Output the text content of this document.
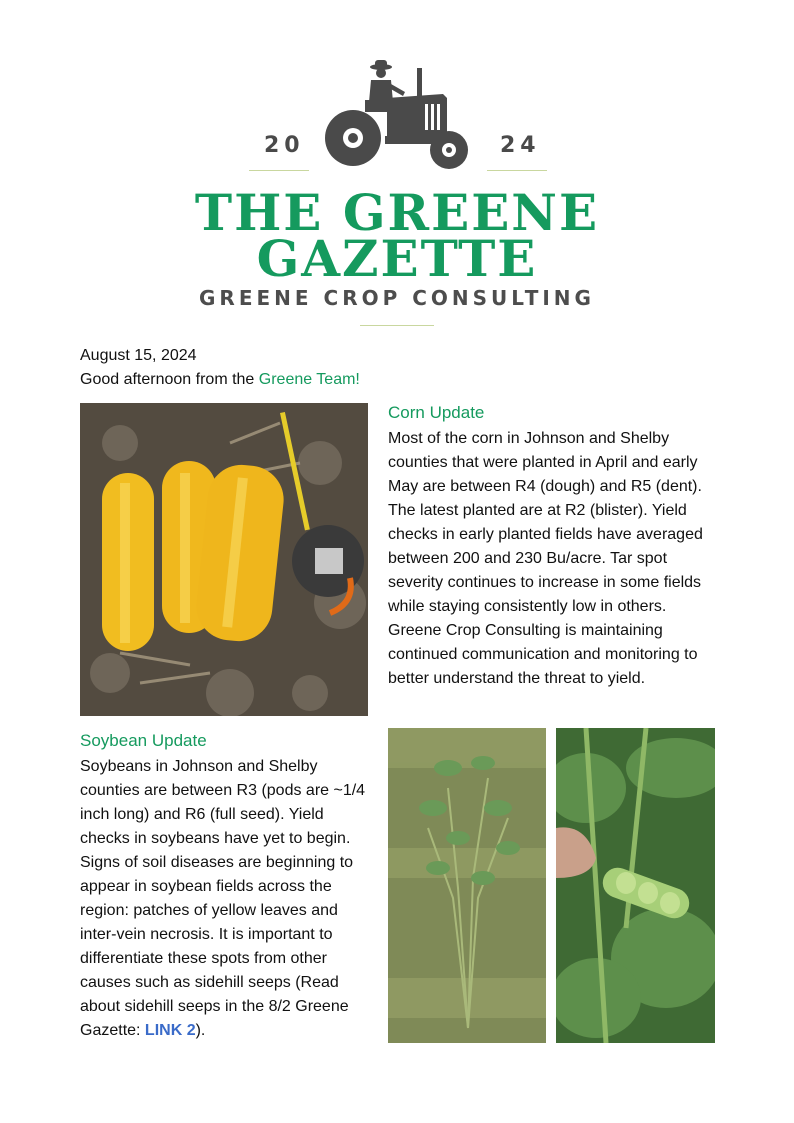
20	24
THE GREENE
GAZETTE
GREENE CROP CONSULTING
August 15, 2024
Good afternoon from the Greene Team!
Corn Update
Most of the corn in Johnson and Shelby counties that were planted in April and early May are between R4 (dough) and R5 (dent). The latest planted are at R2 (blister). Yield checks in early planted fields have averaged between 200 and 230 Bu/acre. Tar spot severity continues to increase in some fields while staying consistently low in others. Greene Crop Consulting is maintaining continued communication and monitoring to better understand the threat to yield.
Soybean Update
Soybeans in Johnson and Shelby counties are between R3 (pods are ~1/4 inch long) and R6 (full seed). Yield checks in soybeans have yet to begin. Signs of soil diseases are beginning to appear in soybean fields across the region: patches of yellow leaves and inter-vein necrosis. It is important to differentiate these spots from other causes such as sidehill seeps (Read about sidehill seeps in the 8/2 Greene Gazette: LINK 2).
